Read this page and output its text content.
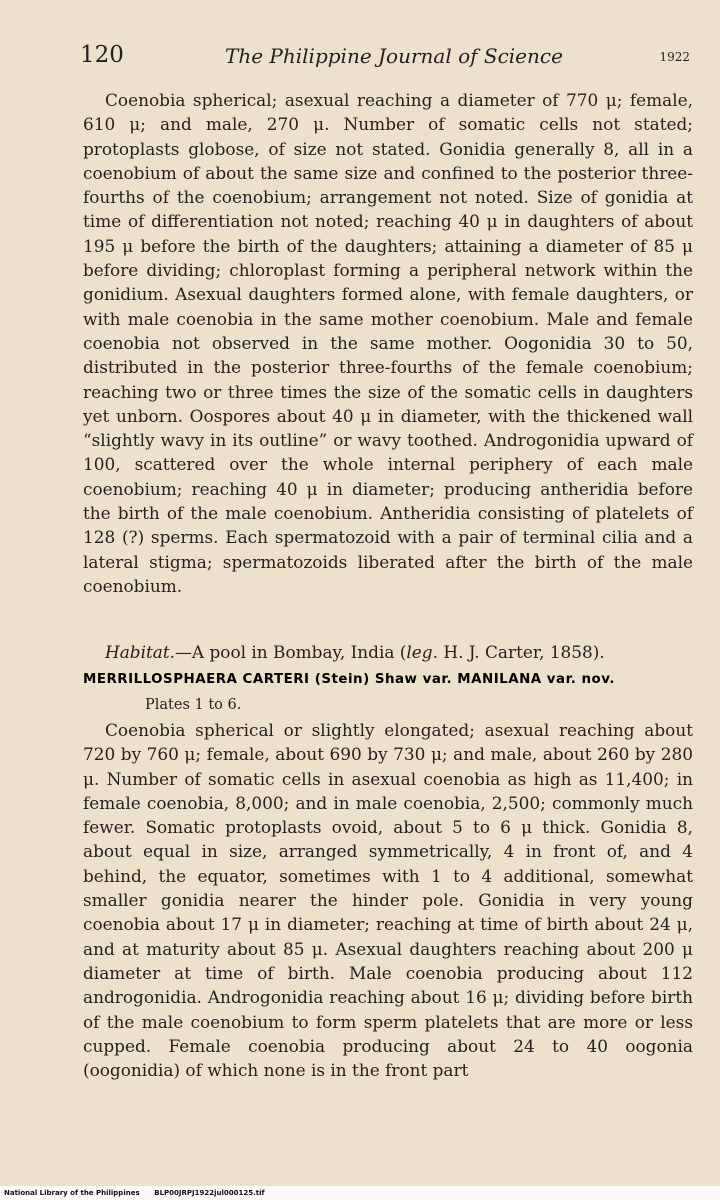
120	The Philippine Journal of Science	1922

Coenobia spherical; asexual reaching a diameter of 770 μ; female, 610 μ; and male, 270 μ. Number of somatic cells not stated; protoplasts globose, of size not stated. Gonidia generally 8, all in a coenobium of about the same size and confined to the posterior three-fourths of the coenobium; arrangement not noted. Size of gonidia at time of differentiation not noted; reaching 40 μ in daughters of about 195 μ before the birth of the daughters; attaining a diameter of 85 μ before dividing; chloroplast forming a peripheral network within the gonidium. Asexual daughters formed alone, with female daughters, or with male coenobia in the same mother coenobium. Male and female coenobia not observed in the same mother. Oogonidia 30 to 50, distributed in the posterior three-fourths of the female coenobium; reaching two or three times the size of the somatic cells in daughters yet unborn. Oospores about 40 μ in diameter, with the thickened wall “slightly wavy in its outline” or wavy toothed. Androgonidia upward of 100, scattered over the whole internal periphery of each male coenobium; reaching 40 μ in diameter; producing antheridia before the birth of the male coenobium. Antheridia consisting of platelets of 128 (?) sperms. Each spermatozoid with a pair of terminal cilia and a lateral stigma; spermatozoids liberated after the birth of the male coenobium.

Habitat.—A pool in Bombay, India (leg. H. J. Carter, 1858).
MERRILLOSPHAERA CARTERI (Stein) Shaw var. MANILANA var. nov.
Plates 1 to 6.

Coenobia spherical or slightly elongated; asexual reaching about 720 by 760 μ; female, about 690 by 730 μ; and male, about 260 by 280 μ. Number of somatic cells in asexual coenobia as high as 11,400; in female coenobia, 8,000; and in male coenobia, 2,500; commonly much fewer. Somatic protoplasts ovoid, about 5 to 6 μ thick. Gonidia 8, about equal in size, arranged symmetrically, 4 in front of, and 4 behind, the equator, sometimes with 1 to 4 additional, somewhat smaller gonidia nearer the hinder pole. Gonidia in very young coenobia about 17 μ in diameter; reaching at time of birth about 24 μ, and at maturity about 85 μ. Asexual daughters reaching about 200 μ diameter at time of birth. Male coenobia producing about 112 androgonidia. Androgonidia reaching about 16 μ; dividing before birth of the male coenobium to form sperm platelets that are more or less cupped. Female coenobia producing about 24 to 40 oogonia (oogonidia) of which none is in the front part

National Library of the Philippines BLP00JRPJ1922jul000125.tif
